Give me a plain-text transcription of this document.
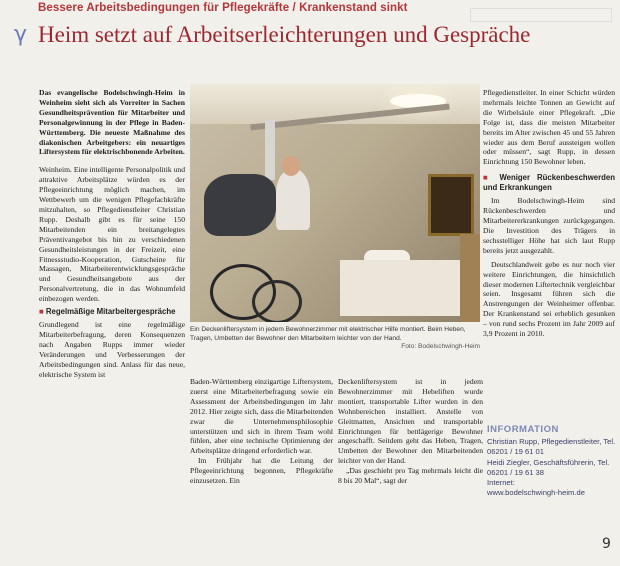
γ
Bessere Arbeitsbedingungen für Pflegekräfte / Krankenstand sinkt
Heim setzt auf Arbeitserleichterungen und Gespräche

Das evangelische Bodelschwingh-Heim in Weinheim sieht sich als Vorreiter in Sachen Gesundheitsprävention für Mitarbeiter und Personalgewinnung in der Pflege in Baden-Württemberg. Die neueste Maßnahme des diakonischen Arbeitgebers: ein neuartiges Liftersystem für elektrischbonende Arbeiten.

Weinheim. Eine intelligente Personalpolitik und attraktive Arbeitsplätze würden es der Pflegeeinrichtung möglich machen, im Wettbewerb um die wenigen Pflegefachkräfte mitzuhalten, so Pflegedienstleiter Christian Rupp. Deshalb gibt es für seine 150 Mitarbeitenden ein breitangelegtes Präventivangebot bis hin zu verschiedenen Gesundheitsleistungen in der Freizeit, eine Fitnessstudio-Kooperation, Gutscheine für Massagen, Mitarbeiterentwicklungsgespräche und Gesundheitsangebote aus der Personalvertretung, die in das Wohnumfeld einbezogen werden.

■ Regelmäßige Mitarbeitergespräche

Grundlegend ist eine regelmäßige Mitarbeiterbefragung, deren Konsequenzen nach Angaben Rupps immer wieder Veränderungen und Verbesserungen der Arbeitsbedingungen sind. Anlass für das neue, elektrische System ist

Ein Deckenliftersystem in jedem Bewohnerzimmer mit elektrischer Hilfe montiert. Beim Heben, Tragen, Umbetten der Bewohner den Mitarbeitern leichter von der Hand.
Foto: Bodelschwingh-Heim

Baden-Württemberg einzigartige Liftersystem, zuerst eine Mitarbeiterbefragung sowie ein Assessment der Arbeitsbedingungen im Jahr 2012. Hier zeigte sich, dass die Mitarbeitenden zwar die Unternehmensphilosophie unterstützen und sich in ihrem Team wohl fühlen, aber eine technische Optimierung der Arbeitsplätze dringend erforderlich war.

Im Frühjahr hat die Leitung der Pflegeeinrichtung begonnen, Pflegekräfte einzusetzen. Ein

Deckenliftersystem ist in jedem Bewohnerzimmer mit Hebeliften wurde montiert, transportable Lifter wurden in den Wohnbereichen installiert. Anstelle von Gleitmatten, Ansichten und transportable Einrichtungen für bettlägerige Bewohner angeschafft. Seitdem geht das Heben, Tragen, Umbetten der Bewohner den Mitarbeitenden leichter von der Hand.

„Das geschieht pro Tag mehrmals leicht die 8 bis 20 Mal“, sagt der

Pflegedienstleiter. In einer Schicht würden mehrmals leichte Tonnen an Gewicht auf die Wirbelsäule einer Pflegekraft. „Die Folge ist, dass die meisten Mitarbeiter bereits im Alter zwischen 45 und 55 Jahren wieder aus dem Beruf aussteigen wollen oder müssen“, sagt Rupp, in dessen Einrichtung 150 Bewohner leben.

■ Weniger Rückenbeschwerden und Erkrankungen

Im Bodelschwingh-Heim sind Rückenbeschwerden und Mitarbeitererkrankungen zurückgegangen. Die Investition des Trägers in sechsstelliger Höhe hat sich laut Rupp bereits jetzt ausgezahlt.

Deutschlandweit gebe es nur noch vier weitere Einrichtungen, die hinsichtlich dieser modernen Liftertechnik vergleichbar seien. Insgesamt führen sich die Anstrengungen der Weinheimer offenbar. Der Krankenstand sei erheblich gesunken – von rund sechs Prozent im Jahr 2009 auf 3,9 Prozent in 2010.

INFORMATION
Christian Rupp, Pflegedienstleiter, Tel. 06201 / 19 61 01
Heidi Ziegler, Geschäftsführerin, Tel. 06201 / 19 61 38
Internet:
www.bodelschwingh-heim.de
9
